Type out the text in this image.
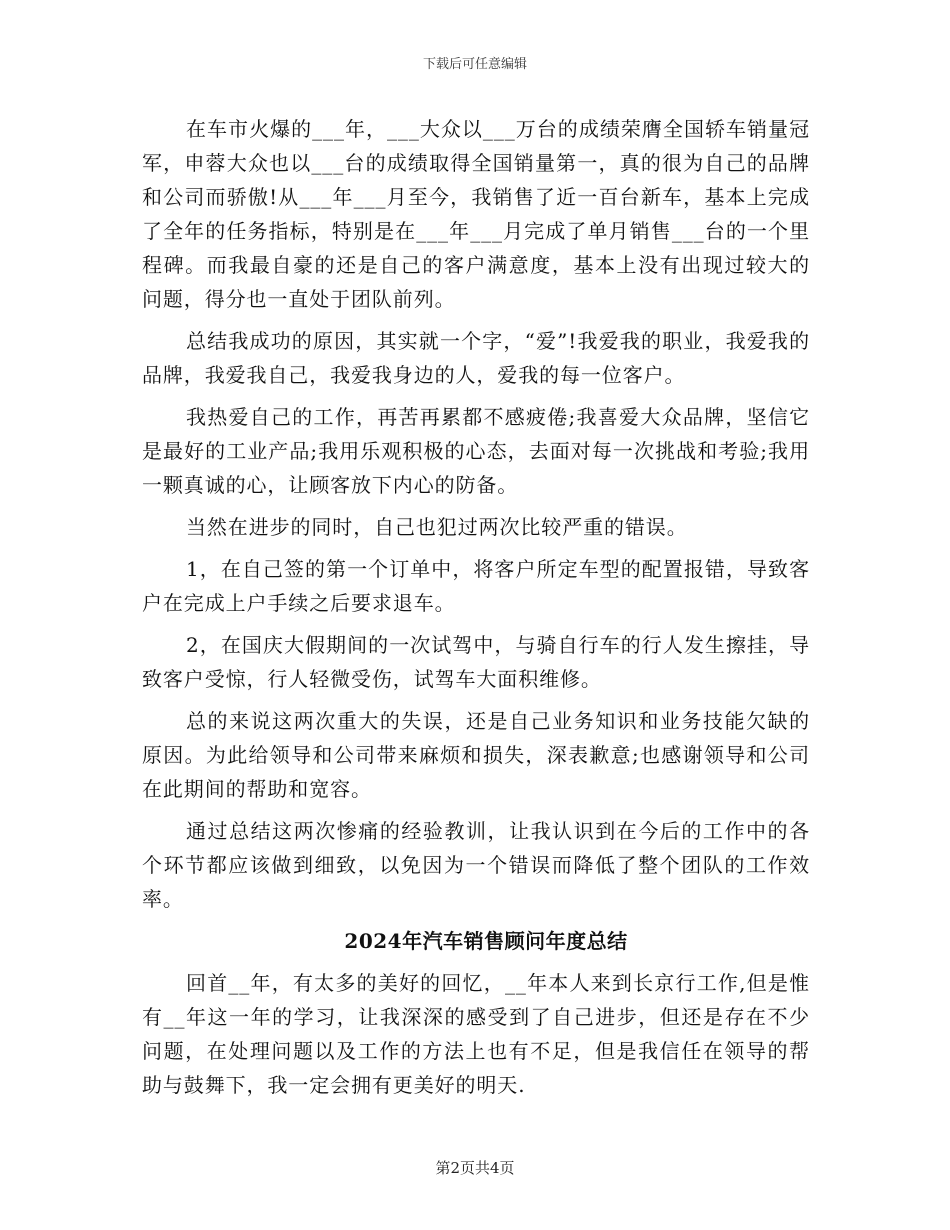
下载后可任意编辑

在车市火爆的___年，___大众以___万台的成绩荣膺全国轿车销量冠军，申蓉大众也以___台的成绩取得全国销量第一，真的很为自己的品牌和公司而骄傲!从___年___月至今，我销售了近一百台新车，基本上完成了全年的任务指标，特别是在___年___月完成了单月销售___台的一个里程碑。而我最自豪的还是自己的客户满意度，基本上没有出现过较大的问题，得分也一直处于团队前列。

总结我成功的原因，其实就一个字，“爱”!我爱我的职业，我爱我的品牌，我爱我自己，我爱我身边的人，爱我的每一位客户。

我热爱自己的工作，再苦再累都不感疲倦;我喜爱大众品牌，坚信它是最好的工业产品;我用乐观积极的心态，去面对每一次挑战和考验;我用一颗真诚的心，让顾客放下内心的防备。

当然在进步的同时，自己也犯过两次比较严重的错误。

1，在自己签的第一个订单中，将客户所定车型的配置报错，导致客户在完成上户手续之后要求退车。

2，在国庆大假期间的一次试驾中，与骑自行车的行人发生擦挂，导致客户受惊，行人轻微受伤，试驾车大面积维修。

总的来说这两次重大的失误，还是自己业务知识和业务技能欠缺的原因。为此给领导和公司带来麻烦和损失，深表歉意;也感谢领导和公司在此期间的帮助和宽容。

通过总结这两次惨痛的经验教训，让我认识到在今后的工作中的各个环节都应该做到细致，以免因为一个错误而降低了整个团队的工作效率。

2024年汽车销售顾问年度总结

回首__年，有太多的美好的回忆，__年本人来到长京行工作,但是惟有__年这一年的学习，让我深深的感受到了自己进步，但还是存在不少问题，在处理问题以及工作的方法上也有不足，但是我信任在领导的帮助与鼓舞下，我一定会拥有更美好的明天.

第2页共4页
